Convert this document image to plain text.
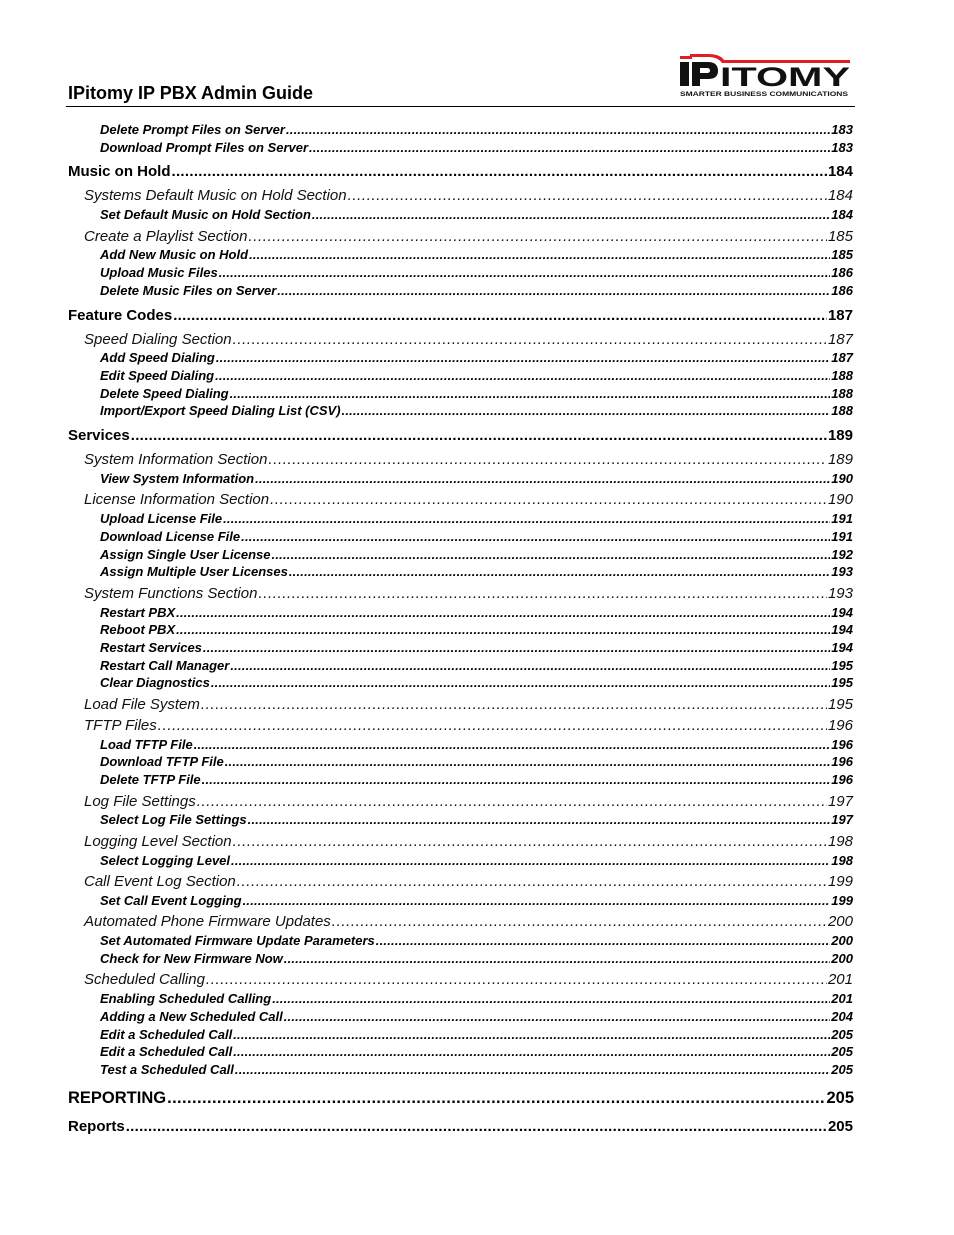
IPitomy IP PBX Admin Guide
ITOMY
SMARTER BUSINESS COMMUNICATIONS
Delete Prompt Files on Server .....	183
Download Prompt Files on Server .....	183
Music on Hold .....	184
Systems Default Music on Hold Section .....	184
Set Default Music on Hold Section .....	184
Create a Playlist Section .....	185
Add New Music on Hold .....	185
Upload Music Files .....	186
Delete Music Files on Server .....	186
Feature Codes .....	187
Speed Dialing Section .....	187
Add Speed Dialing .....	187
Edit Speed Dialing .....	188
Delete Speed Dialing .....	188
Import/Export Speed Dialing List (CSV) .....	188
Services .....	189
System Information Section .....	189
View System Information .....	190
License Information Section .....	190
Upload License File .....	191
Download License File .....	191
Assign Single User License .....	192
Assign Multiple User Licenses .....	193
System Functions Section .....	193
Restart PBX .....	194
Reboot PBX .....	194
Restart Services .....	194
Restart Call Manager .....	195
Clear Diagnostics .....	195
Load File System .....	195
TFTP Files .....	196
Load TFTP File .....	196
Download TFTP File .....	196
Delete TFTP File .....	196
Log File Settings .....	197
Select Log File Settings .....	197
Logging Level Section .....	198
Select Logging Level .....	198
Call Event Log Section .....	199
Set Call Event Logging .....	199
Automated Phone Firmware Updates .....	200
Set Automated Firmware Update Parameters .....	200
Check for New Firmware Now .....	200
Scheduled Calling .....	201
Enabling Scheduled Calling .....	201
Adding a New Scheduled Call .....	204
Edit a Scheduled Call .....	205
Edit a Scheduled Call .....	205
Test a Scheduled Call .....	205
REPORTING .....	205
Reports .....	205
